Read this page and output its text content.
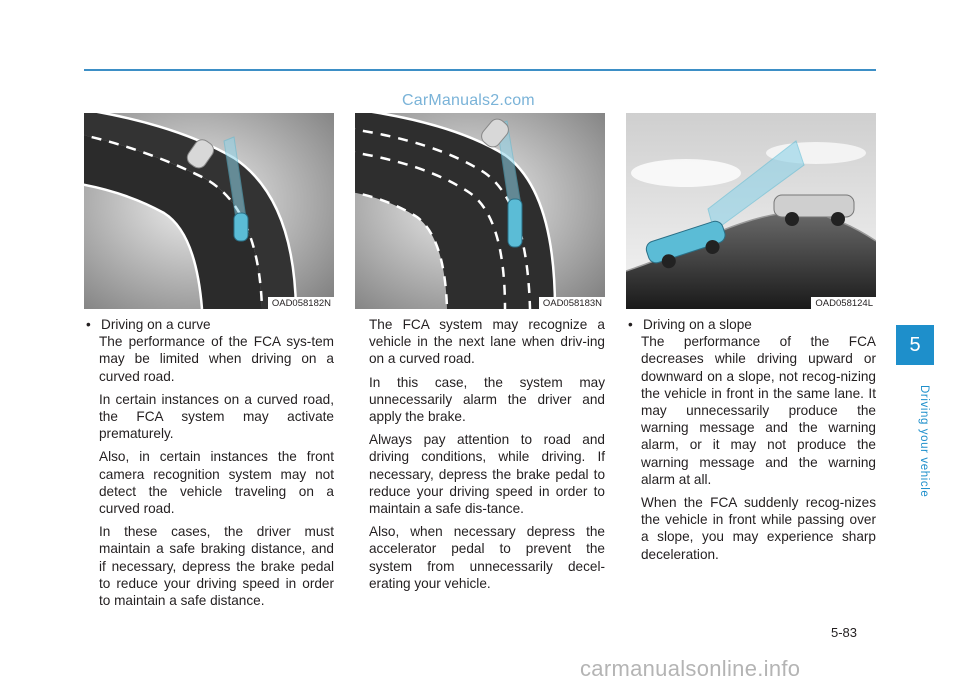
CarManuals2.com
OAD058182N	OAD058183N	OAD058124L
• Driving on a curve

The performance of the FCA sys-tem may be limited when driving on a curved road.

In certain instances on a curved road, the FCA system may activate prematurely.

Also, in certain instances the front camera recognition system may not detect the vehicle traveling on a curved road.

In these cases, the driver must maintain a safe braking distance, and if necessary, depress the brake pedal to reduce your driving speed in order to maintain a safe distance.

The FCA system may recognize a vehicle in the next lane when driv-ing on a curved road.

In this case, the system may unnecessarily alarm the driver and apply the brake.

Always pay attention to road and driving conditions, while driving. If necessary, depress the brake pedal to reduce your driving speed in order to maintain a safe dis-tance.

Also, when necessary depress the accelerator pedal to prevent the system from unnecessarily decel-erating your vehicle.

• Driving on a slope

The performance of the FCA decreases while driving upward or downward on a slope, not recog-nizing the vehicle in front in the same lane. It may unnecessarily produce the warning message and the warning alarm, or it may not produce the warning message and the warning alarm at all.

When the FCA suddenly recog-nizes the vehicle in front while passing over a slope, you may experience sharp deceleration.

5
Driving your vehicle
5-83
carmanualsonline.info
